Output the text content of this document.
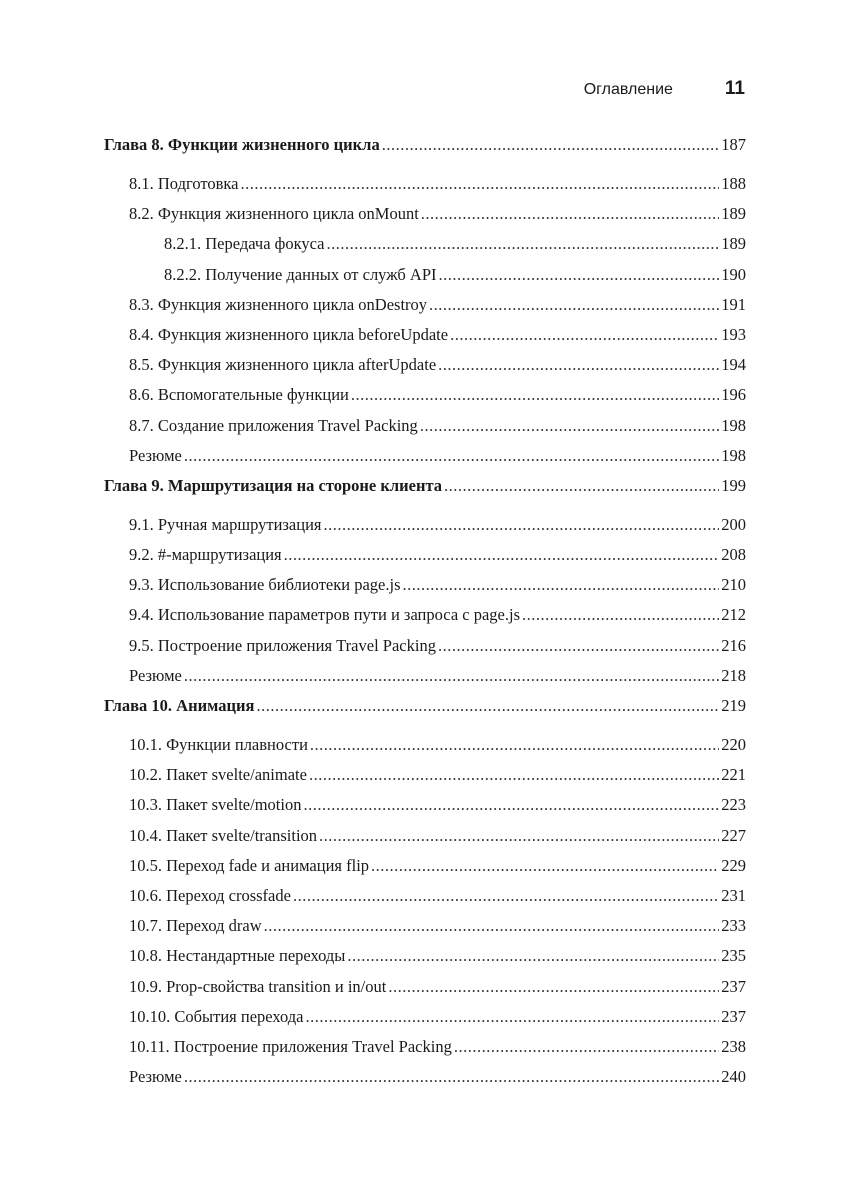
Оглавление	11
Глава 8. Функции жизненного цикла .....	187
8.1. Подготовка .....	188
8.2. Функция жизненного цикла onMount .....	189
8.2.1. Передача фокуса .....	189
8.2.2. Получение данных от служб API .....	190
8.3. Функция жизненного цикла onDestroy .....	191
8.4. Функция жизненного цикла beforeUpdate .....	193
8.5. Функция жизненного цикла afterUpdate .....	194
8.6. Вспомогательные функции .....	196
8.7. Создание приложения Travel Packing .....	198
Резюме .....	198
Глава 9. Маршрутизация на стороне клиента .....	199
9.1. Ручная маршрутизация .....	200
9.2. #-маршрутизация .....	208
9.3. Использование библиотеки page.js .....	210
9.4. Использование параметров пути и запроса с page.js .....	212
9.5. Построение приложения Travel Packing .....	216
Резюме .....	218
Глава 10. Анимация .....	219
10.1. Функции плавности .....	220
10.2. Пакет svelte/animate .....	221
10.3. Пакет svelte/motion .....	223
10.4. Пакет svelte/transition .....	227
10.5. Переход fade и анимация flip .....	229
10.6. Переход crossfade .....	231
10.7. Переход draw .....	233
10.8. Нестандартные переходы .....	235
10.9. Prop-свойства transition и in/out .....	237
10.10. События перехода .....	237
10.11. Построение приложения Travel Packing .....	238
Резюме .....	240
